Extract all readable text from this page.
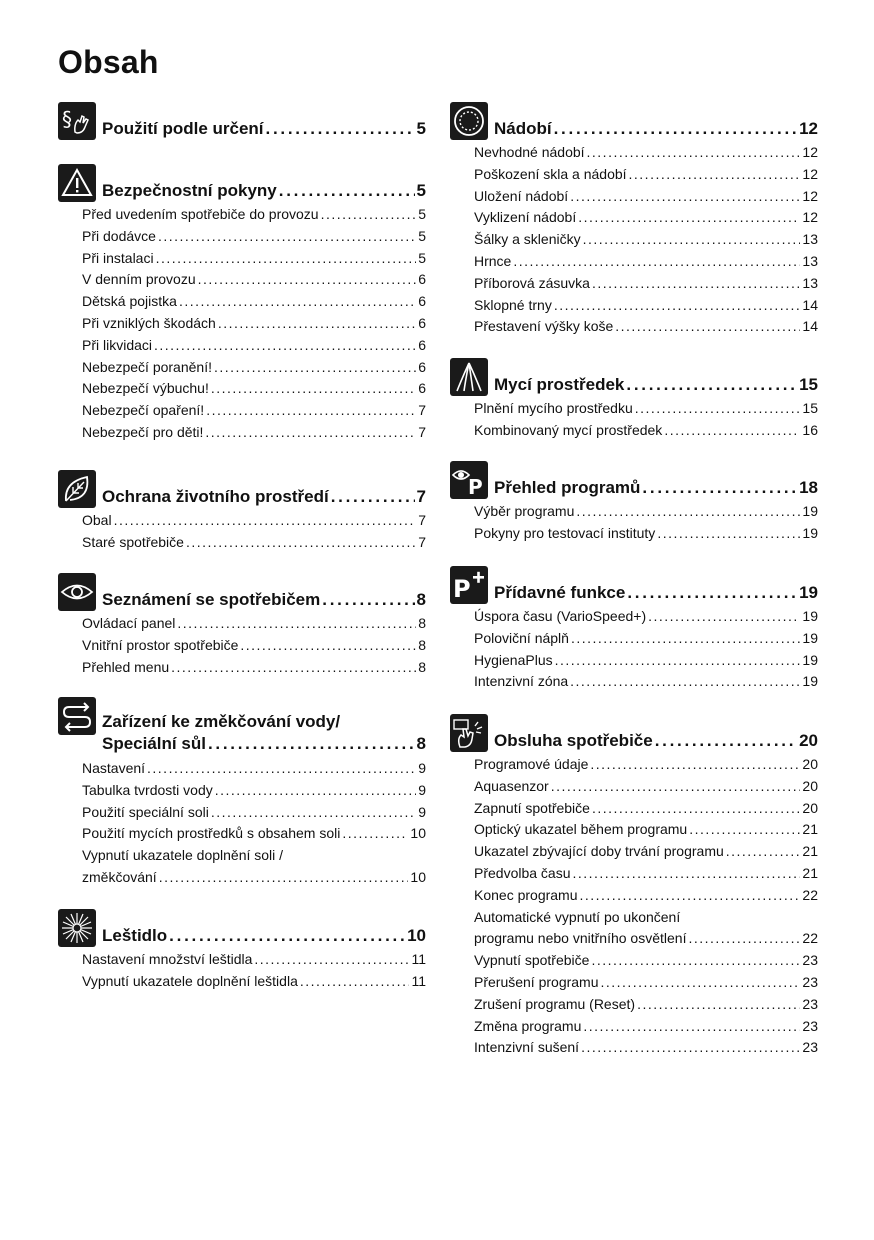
Obsah
§ Použití podle určení . . .	5
Bezpečnostní pokyny . . .	5
Před uvedením spotřebiče do provozu . . .	5
Při dodávce . . .	5
Při instalaci . . .	5
V denním provozu . . .	6
Dětská pojistka . . .	6
Při vzniklých škodách . . .	6
Při likvidaci . . .	6
Nebezpečí poranění! . . .	6
Nebezpečí výbuchu! . . .	6
Nebezpečí opaření! . . .	7
Nebezpečí pro děti! . . .	7
Ochrana životního prostředí . . .	7
Obal . . .	7
Staré spotřebiče . . .	7
Seznámení se spotřebičem . . .	8
Ovládací panel . . .	8
Vnitřní prostor spotřebiče . . .	8
Přehled menu . . .	8
Zařízení ke změkčování vody/
Speciální sůl . . .	8
Nastavení . . .	9
Tabulka tvrdosti vody . . .	9
Použití speciální soli . . .	9
Použití mycích prostředků s obsahem soli . . .	10
Vypnutí ukazatele doplnění soli /
změkčování . . .	10
Leštidlo . . .	10
Nastavení množství leštidla . . .	11
Vypnutí ukazatele doplnění leštidla . . .	11
Nádobí . . .	12
Nevhodné nádobí . . .	12
Poškození skla a nádobí . . .	12
Uložení nádobí . . .	12
Vyklizení nádobí . . .	12
Šálky a skleničky . . .	13
Hrnce . . .	13
Příborová zásuvka . . .	13
Sklopné trny . . .	14
Přestavení výšky koše . . .	14
Mycí prostředek . . .	15
Plnění mycího prostředku . . .	15
Kombinovaný mycí prostředek . . .	16
P Přehled programů . . .	18
Výběr programu . . .	19
Pokyny pro testovací instituty . . .	19
P Přídavné funkce . . .	19
Úspora času (VarioSpeed+) . . .	19
Poloviční náplň . . .	19
HygienaPlus . . .	19
Intenzivní zóna . . .	19
Obsluha spotřebiče . . .	20
Programové údaje . . .	20
Aquasenzor . . .	20
Zapnutí spotřebiče . . .	20
Optický ukazatel během programu . . .	21
Ukazatel zbývající doby trvání programu . . .	21
Předvolba času . . .	21
Konec programu . . .	22
Automatické vypnutí po ukončení
programu nebo vnitřního osvětlení . . .	22
Vypnutí spotřebiče . . .	23
Přerušení programu . . .	23
Zrušení programu (Reset) . . .	23
Změna programu . . .	23
Intenzivní sušení . . .	23
